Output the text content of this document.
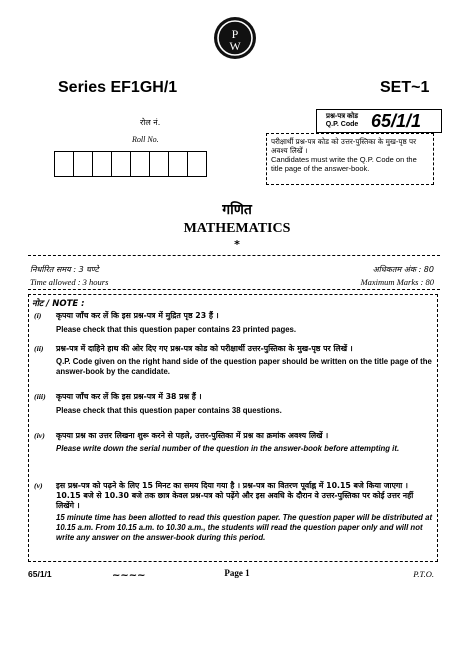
P
W
Series EF1GH/1	SET~1
रोल नं.
Roll No.
प्रश्न-पत्र कोड
Q.P. Code 65/1/1
परीक्षार्थी प्रश्न-पत्र कोड को उत्तर-पुस्तिका के मुख-पृष्ठ पर अवश्य लिखें ।
Candidates must write the Q.P. Code on the title page of the answer-book.
गणित
MATHEMATICS
*
निर्धारित समय : 3 घण्टे
Time allowed : 3 hours
अधिकतम अंक : 80
Maximum Marks : 80
नोट / NOTE :
(i) कृपया जाँच कर लें कि इस प्रश्न-पत्र में मुद्रित पृष्ठ 23 हैं ।
Please check that this question paper contains 23 printed pages.
(ii) प्रश्न-पत्र में दाहिने हाथ की ओर दिए गए प्रश्न-पत्र कोड को परीक्षार्थी उत्तर-पुस्तिका के मुख-पृष्ठ पर लिखें ।
Q.P. Code given on the right hand side of the question paper should be written on the title page of the answer-book by the candidate.
(iii) कृपया जाँच कर लें कि इस प्रश्न-पत्र में 38 प्रश्न हैं ।
Please check that this question paper contains 38 questions.
(iv) कृपया प्रश्न का उत्तर लिखना शुरू करने से पहले, उत्तर-पुस्तिका में प्रश्न का क्रमांक अवश्य लिखें ।
Please write down the serial number of the question in the answer-book before attempting it.
(v) इस प्रश्न-पत्र को पढ़ने के लिए 15 मिनट का समय दिया गया है । प्रश्न-पत्र का वितरण पूर्वाह्न में 10.15 बजे किया जाएगा । 10.15 बजे से 10.30 बजे तक छात्र केवल प्रश्न-पत्र को पढ़ेंगे और इस अवधि के दौरान वे उत्तर-पुस्तिका पर कोई उत्तर नहीं लिखेंगे ।
15 minute time has been allotted to read this question paper. The question paper will be distributed at 10.15 a.m. From 10.15 a.m. to 10.30 a.m., the students will read the question paper only and will not write any answer on the answer-book during this period.
65/1/1	~~~~	Page 1	P.T.O.
